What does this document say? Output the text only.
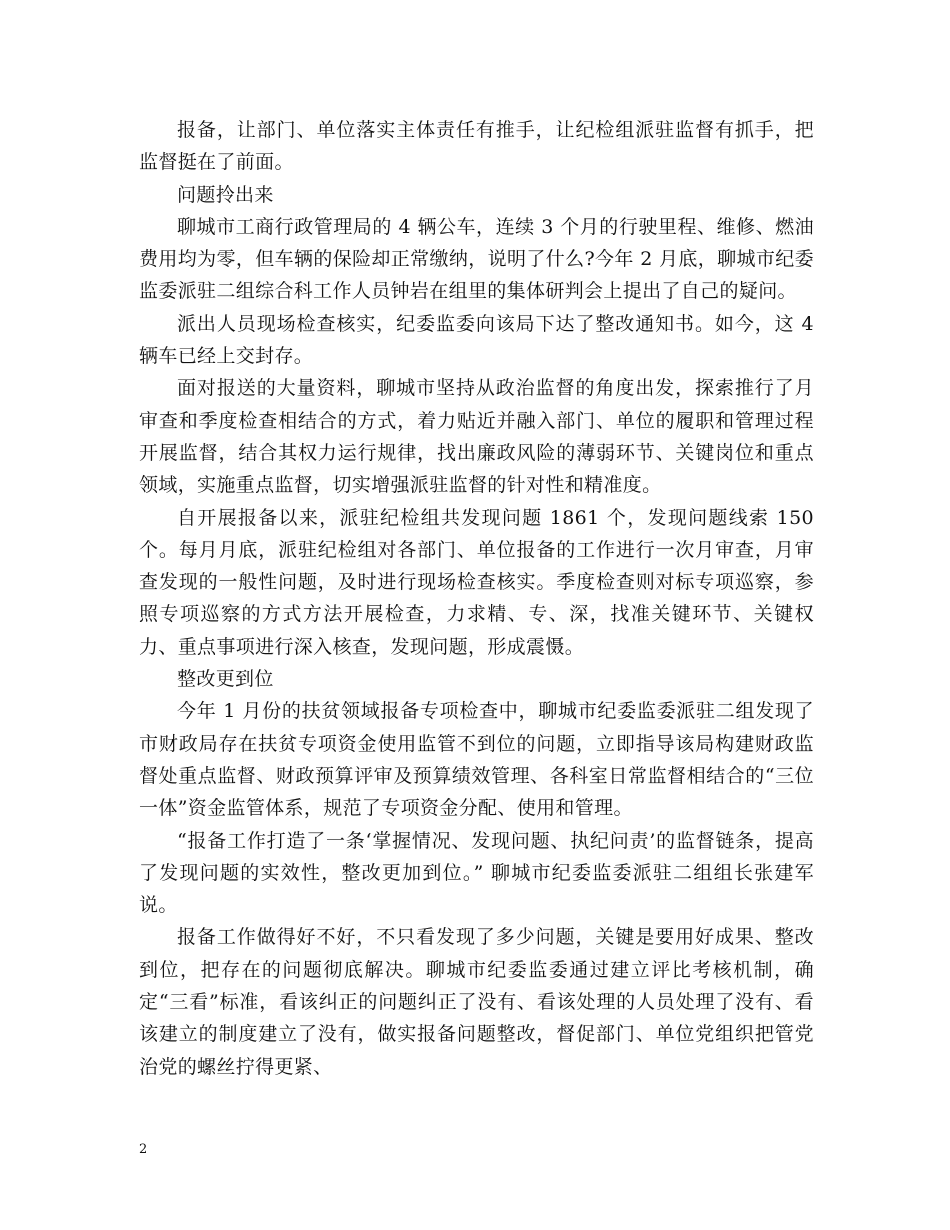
报备，让部门、单位落实主体责任有推手，让纪检组派驻监督有抓手，把监督挺在了前面。

问题拎出来

聊城市工商行政管理局的 4 辆公车，连续 3 个月的行驶里程、维修、燃油费用均为零，但车辆的保险却正常缴纳，说明了什么?今年 2 月底，聊城市纪委监委派驻二组综合科工作人员钟岩在组里的集体研判会上提出了自己的疑问。

派出人员现场检查核实，纪委监委向该局下达了整改通知书。如今，这 4 辆车已经上交封存。

面对报送的大量资料，聊城市坚持从政治监督的角度出发，探索推行了月审查和季度检查相结合的方式，着力贴近并融入部门、单位的履职和管理过程开展监督，结合其权力运行规律，找出廉政风险的薄弱环节、关键岗位和重点领域，实施重点监督，切实增强派驻监督的针对性和精准度。

自开展报备以来，派驻纪检组共发现问题 1861 个，发现问题线索 150 个。每月月底，派驻纪检组对各部门、单位报备的工作进行一次月审查，月审查发现的一般性问题，及时进行现场检查核实。季度检查则对标专项巡察，参照专项巡察的方式方法开展检查，力求精、专、深，找准关键环节、关键权力、重点事项进行深入核查，发现问题，形成震慑。

整改更到位

今年 1 月份的扶贫领域报备专项检查中，聊城市纪委监委派驻二组发现了市财政局存在扶贫专项资金使用监管不到位的问题，立即指导该局构建财政监督处重点监督、财政预算评审及预算绩效管理、各科室日常监督相结合的“三位一体”资金监管体系，规范了专项资金分配、使用和管理。

“报备工作打造了一条‘掌握情况、发现问题、执纪问责’的监督链条，提高了发现问题的实效性，整改更加到位。” 聊城市纪委监委派驻二组组长张建军说。

报备工作做得好不好，不只看发现了多少问题，关键是要用好成果、整改到位，把存在的问题彻底解决。聊城市纪委监委通过建立评比考核机制，确定“三看”标准，看该纠正的问题纠正了没有、看该处理的人员处理了没有、看该建立的制度建立了没有，做实报备问题整改，督促部门、单位党组织把管党治党的螺丝拧得更紧、

2
